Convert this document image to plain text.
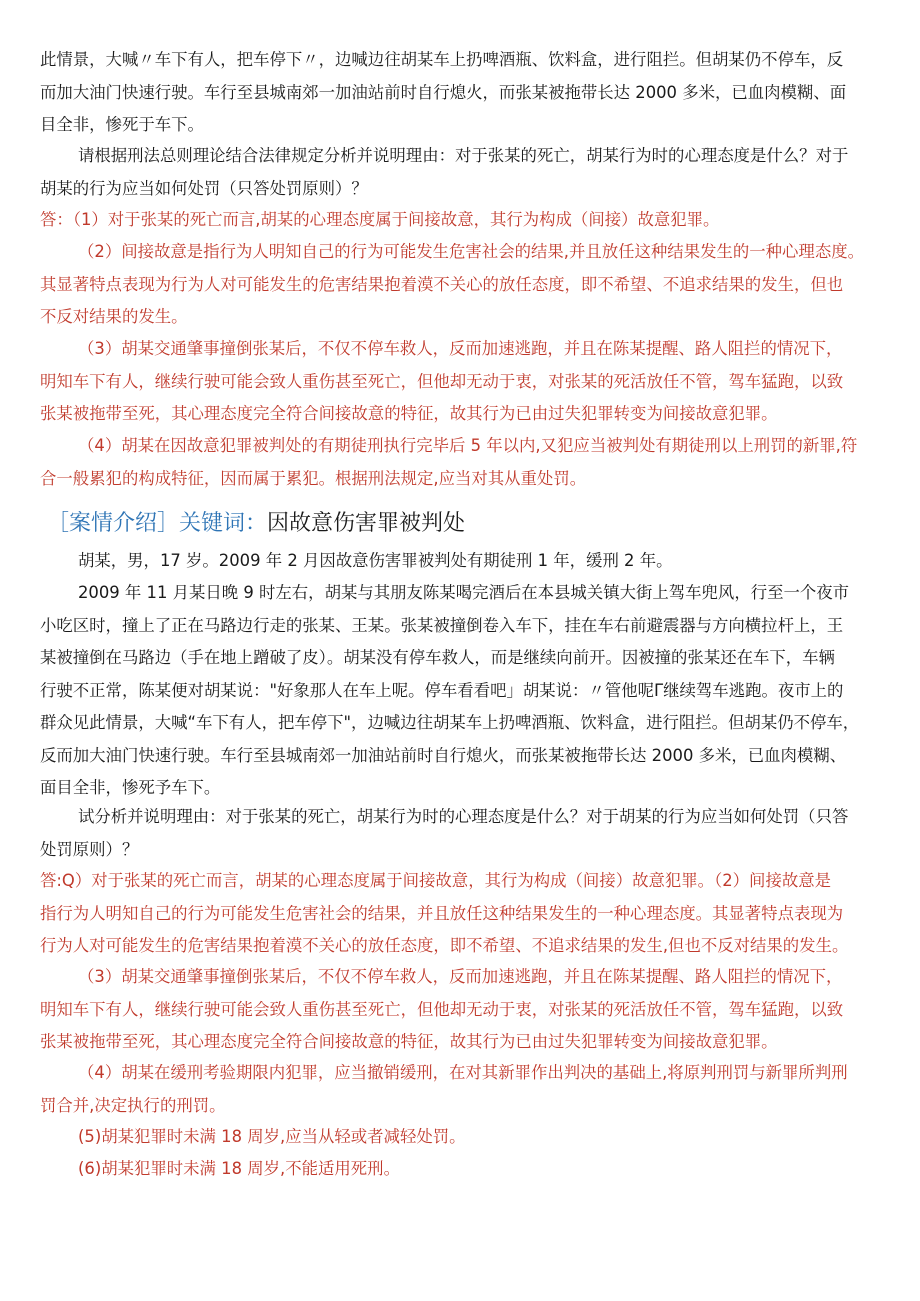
此情景，大喊〃车下有人，把车停下〃，边喊边往胡某车上扔啤酒瓶、饮料盒，进行阻拦。但胡某仍不停车，反
而加大油门快速行驶。车行至县城南郊一加油站前时自行熄火，而张某被拖带长达 2000 多米，已血肉模糊、面
目全非，惨死于车下。
请根据刑法总则理论结合法律规定分析并说明理由：对于张某的死亡，胡某行为时的心理态度是什么？对于
胡某的行为应当如何处罚（只答处罚原则）？
答：（1）对于张某的死亡而言,胡某的心理态度属于间接故意，其行为构成（间接）故意犯罪。
（2）间接故意是指行为人明知自己的行为可能发生危害社会的结果,并且放任这种结果发生的一种心理态度。
其显著特点表现为行为人对可能发生的危害结果抱着漠不关心的放任态度，即不希望、不追求结果的发生，但也
不反对结果的发生。
（3）胡某交通肇事撞倒张某后，不仅不停车救人，反而加速逃跑，并且在陈某提醒、路人阻拦的情况下，
明知车下有人，继续行驶可能会致人重伤甚至死亡，但他却无动于衷，对张某的死活放任不管，驾车猛跑，以致
张某被拖带至死，其心理态度完全符合间接故意的特征，故其行为已由过失犯罪转变为间接故意犯罪。
（4）胡某在因故意犯罪被判处的有期徒刑执行完毕后 5 年以内,又犯应当被判处有期徒刑以上刑罚的新罪,符
合一般累犯的构成特征，因而属于累犯。根据刑法规定,应当对其从重处罚。
［案情介绍］关键词：因故意伤害罪被判处
胡某，男，17 岁。2009 年 2 月因故意伤害罪被判处有期徒刑 1 年，缓刑 2 年。
2009 年 11 月某日晚 9 时左右，胡某与其朋友陈某喝完酒后在本县城关镇大街上驾车兜风，行至一个夜市
小吃区时，撞上了正在马路边行走的张某、王某。张某被撞倒卷入车下，挂在车右前避震器与方向横拉杆上，王
某被撞倒在马路边（手在地上蹭破了皮）。胡某没有停车救人，而是继续向前开。因被撞的张某还在车下，车辆
行驶不正常，陈某便对胡某说："好象那人在车上呢。停车看看吧」胡某说：〃管他呢Γ继续驾车逃跑。夜市上的
群众见此情景，大喊“车下有人，把车停下"，边喊边往胡某车上扔啤酒瓶、饮料盒，进行阻拦。但胡某仍不停车，
反而加大油门快速行驶。车行至县城南郊一加油站前时自行熄火，而张某被拖带长达 2000 多米，已血肉模糊、
面目全非，惨死予车下。
试分析并说明理由：对于张某的死亡，胡某行为时的心理态度是什么？对于胡某的行为应当如何处罚（只答
处罚原则）？
答:Q）对于张某的死亡而言，胡某的心理态度属于间接故意，其行为构成（间接）故意犯罪。（2）间接故意是
指行为人明知自己的行为可能发生危害社会的结果，并且放任这种结果发生的一种心理态度。其显著特点表现为
行为人对可能发生的危害结果抱着漠不关心的放任态度，即不希望、不追求结果的发生,但也不反对结果的发生。
（3）胡某交通肇事撞倒张某后，不仅不停车救人，反而加速逃跑，并且在陈某提醒、路人阻拦的情况下，
明知车下有人，继续行驶可能会致人重伤甚至死亡，但他却无动于衷，对张某的死活放任不管，驾车猛跑，以致
张某被拖带至死，其心理态度完全符合间接故意的特征，故其行为已由过失犯罪转变为间接故意犯罪。
（4）胡某在缓刑考验期限内犯罪，应当撤销缓刑，在对其新罪作出判决的基础上,将原判刑罚与新罪所判刑
罚合并,决定执行的刑罚。
(5)胡某犯罪时未满 18 周岁,应当从轻或者减轻处罚。
(6)胡某犯罪时未满 18 周岁,不能适用死刑。
